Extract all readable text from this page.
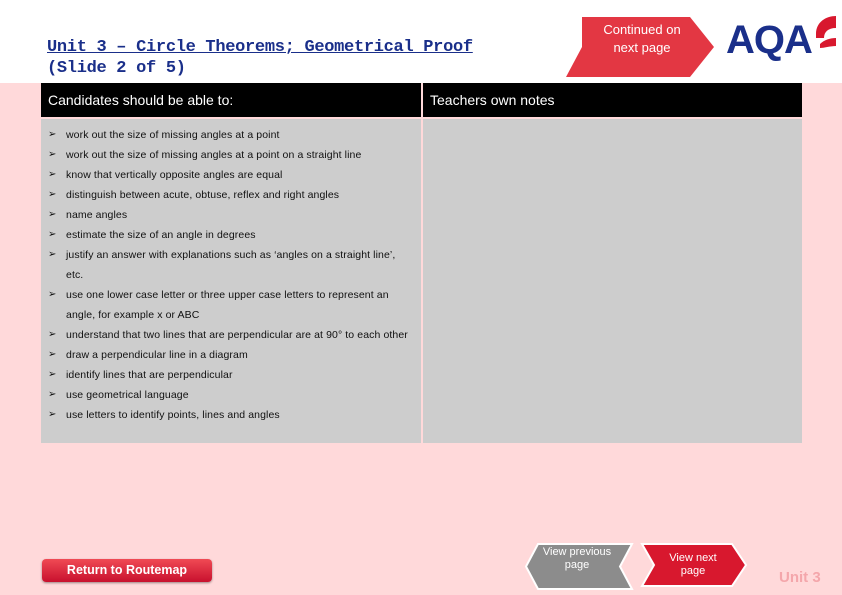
Unit 3 – Circle Theorems; Geometrical Proof
(Slide 2 of 5)
Continued on next page	AQA
Candidates should be able to:	Teachers own notes
➢ work out the size of missing angles at a point
➢ work out the size of missing angles at a point on a straight line
➢ know that vertically opposite angles are equal
➢ distinguish between acute, obtuse, reflex and right angles
➢ name angles
➢ estimate the size of an angle in degrees
➢ justify an answer with explanations such as ‘angles on a straight line’, etc.
➢ use one lower case letter or three upper case letters to represent an angle, for example x or ABC
➢ understand that two lines that are perpendicular are at 90° to each other
➢ draw a perpendicular line in a diagram
➢ identify lines that are perpendicular
➢ use geometrical language
➢ use letters to identify points, lines and angles
Return to Routemap
View previous page
View next page	Unit 3
